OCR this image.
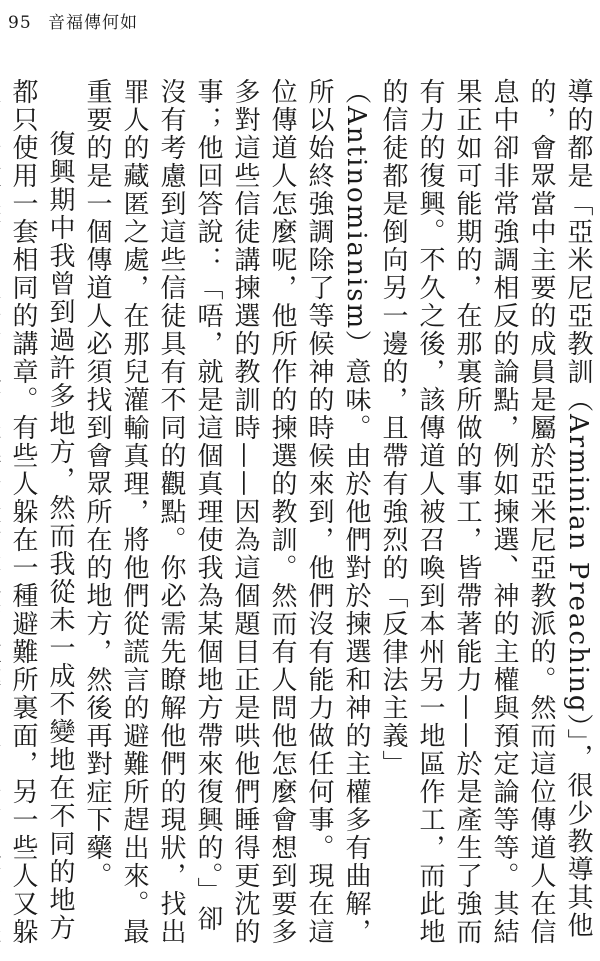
95 音福傳何如

導的都是「亞米尼亞教訓（Arminian Preaching）」，很少教導其他的，會眾當中主要的成員是屬於亞米尼亞教派的。然而這位傳道人在信息中卻非常強調相反的論點，例如揀選、神的主權與預定論等等。其結果正如可能期的，在那裏所做的事工，皆帶著能力——於是產生了強而有力的復興。不久之後，該傳道人被召喚到本州另一地區作工，而此地的信徒都是倒向另一邊的，且帶有強烈的「反律法主義」（Antinomianism）意味。由於他們對於揀選和神的主權多有曲解，所以始終強調除了等候神的時候來到，他們沒有能力做任何事。現在這位傳道人怎麼呢，他所作的揀選的教訓。然而有人問他怎麼會想到要多多對這些信徒講揀選的教訓時——因為這個題目正是哄他們睡得更沈的事；他回答說：「唔，就是這個真理使我為某個地方帶來復興的。」卻沒有考慮到這些信徒具有不同的觀點。你必需先瞭解他們的現狀，找出罪人的藏匿之處，在那兒灌輸真理，將他們從謊言的避難所趕出來。最重要的是一個傳道人必須找到會眾所在的地方，然後再對症下藥。

復興期中我曾到過許多地方，然而我從未一成不變地在不同的地方都只使用一套相同的講章。有些人躲在一種避難所裏面，另一些人又躲
